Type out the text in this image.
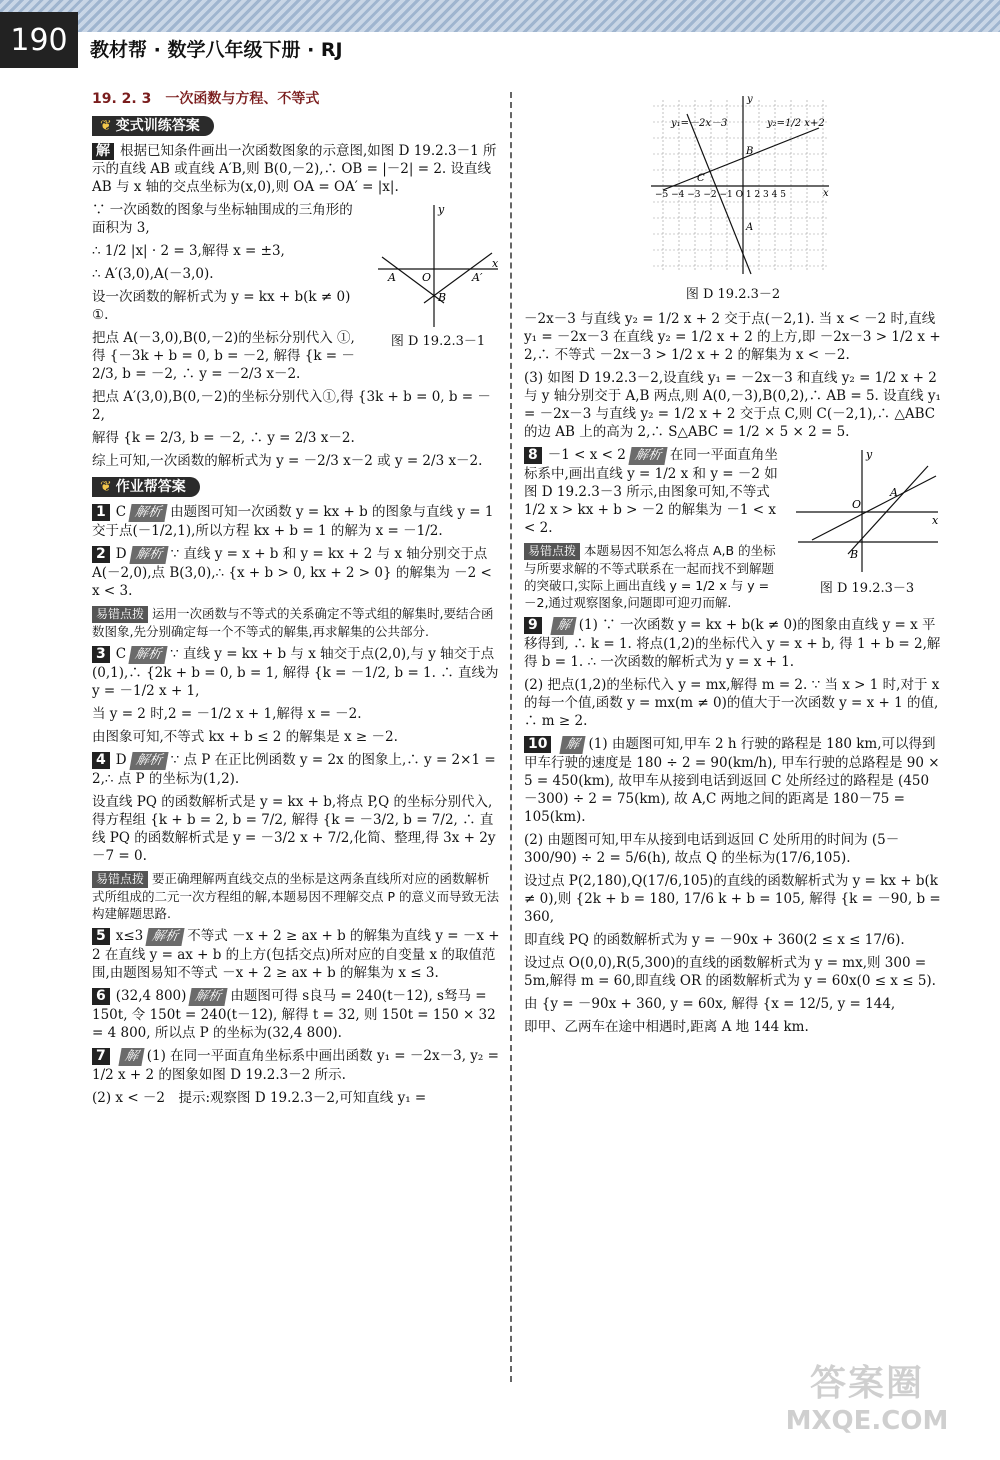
190	教材帮 · 数学八年级下册 · RJ
19. 2. 3　一次函数与方程、不等式
❦ 变式训练答案

解 根据已知条件画出一次函数图象的示意图,如图 D 19.2.3－1 所示的直线 AB 或直线 A′B,则 B(0,－2),∴ OB = |－2| = 2. 设直线 AB 与 x 轴的交点坐标为(x,0),则 OA = OA′ = |x|.

A O	A′
B
y
x
图 D 19.2.3－1

∵ 一次函数的图象与坐标轴围成的三角形的面积为 3,

∴ 1/2 |x| · 2 = 3,解得 x = ±3,

∴ A′(3,0),A(－3,0).

设一次函数的解析式为 y = kx + b(k ≠ 0) ①.

把点 A(－3,0),B(0,－2)的坐标分别代入 ①,得 {－3k + b = 0, b = －2, 解得 {k = －2/3, b = －2, ∴ y = －2/3 x－2.

把点 A′(3,0),B(0,－2)的坐标分别代入①,得 {3k + b = 0, b = －2,

解得 {k = 2/3, b = －2, ∴ y = 2/3 x－2.

综上可知,一次函数的解析式为 y = －2/3 x－2 或 y = 2/3 x－2.

❦ 作业帮答案

1 C 解析 由题图可知一次函数 y = kx + b 的图象与直线 y = 1 交于点(－1/2,1),所以方程 kx + b = 1 的解为 x = －1/2.

2 D 解析 ∵ 直线 y = x + b 和 y = kx + 2 与 x 轴分别交于点 A(－2,0),点 B(3,0),∴ {x + b > 0, kx + 2 > 0} 的解集为 －2 < x < 3.

易错点拨 运用一次函数与不等式的关系确定不等式组的解集时,要结合函数图象,先分别确定每一个不等式的解集,再求解集的公共部分.

3 C 解析 ∵ 直线 y = kx + b 与 x 轴交于点(2,0),与 y 轴交于点(0,1),∴ {2k + b = 0, b = 1, 解得 {k = －1/2, b = 1. ∴ 直线为 y = －1/2 x + 1,

当 y = 2 时,2 = －1/2 x + 1,解得 x = －2.

由图象可知,不等式 kx + b ≤ 2 的解集是 x ≥ －2.

4 D 解析 ∵ 点 P 在正比例函数 y = 2x 的图象上,∴ y = 2×1 = 2,∴ 点 P 的坐标为(1,2).

设直线 PQ 的函数解析式是 y = kx + b,将点 P,Q 的坐标分别代入,得方程组 {k + b = 2, b = 7/2, 解得 {k = －3/2, b = 7/2, ∴ 直线 PQ 的函数解析式是 y = －3/2 x + 7/2,化简、整理,得 3x + 2y－7 = 0.

易错点拨 要正确理解两直线交点的坐标是这两条直线所对应的函数解析式所组成的二元一次方程组的解,本题易因不理解交点 P 的意义而导致无法构建解题思路.

5 x≤3 解析 不等式 －x + 2 ≥ ax + b 的解集为直线 y = －x + 2 在直线 y = ax + b 的上方(包括交点)所对应的自变量 x 的取值范围,由题图易知不等式 －x + 2 ≥ ax + b 的解集为 x ≤ 3.

6 (32,4 800) 解析 由题图可得 s良马 = 240(t－12), s驽马 = 150t, 令 150t = 240(t－12), 解得 t = 32, 则 150t = 150 × 32 = 4 800, 所以点 P 的坐标为(32,4 800).

7 解 (1) 在同一平面直角坐标系中画出函数 y₁ = －2x－3, y₂ = 1/2 x + 2 的图象如图 D 19.2.3－2 所示.

(2) x < －2　提示:观察图 D 19.2.3－2,可知直线 y₁ =

y₁=－2x－3	y₂=1/2 x+2
B
C
A
y
x
−5 −4 −3 −2 −1 O 1 2 3 4 5
图 D 19.2.3－2

－2x－3 与直线 y₂ = 1/2 x + 2 交于点(－2,1). 当 x < －2 时,直线 y₁ = －2x－3 在直线 y₂ = 1/2 x + 2 的上方,即 －2x－3 > 1/2 x + 2,∴ 不等式 －2x－3 > 1/2 x + 2 的解集为 x < －2.

(3) 如图 D 19.2.3－2,设直线 y₁ = －2x－3 和直线 y₂ = 1/2 x + 2 与 y 轴分别交于 A,B 两点,则 A(0,－3),B(0,2),∴ AB = 5. 设直线 y₁ = －2x－3 与直线 y₂ = 1/2 x + 2 交于点 C,则 C(－2,1),∴ △ABC 的边 AB 上的高为 2,∴ S△ABC = 1/2 × 5 × 2 = 5.

A
O
B
y
x
图 D 19.2.3－3

8 －1 < x < 2 解析 在同一平面直角坐标系中,画出直线 y = 1/2 x 和 y = －2 如图 D 19.2.3－3 所示,由图象可知,不等式 1/2 x > kx + b > －2 的解集为 －1 < x < 2.

易错点拨 本题易因不知怎么将点 A,B 的坐标与所要求解的不等式联系在一起而找不到解题的突破口,实际上画出直线 y = 1/2 x 与 y = －2,通过观察图象,问题即可迎刃而解.

9 解 (1) ∵ 一次函数 y = kx + b(k ≠ 0)的图象由直线 y = x 平移得到, ∴ k = 1. 将点(1,2)的坐标代入 y = x + b, 得 1 + b = 2,解得 b = 1. ∴ 一次函数的解析式为 y = x + 1.

(2) 把点(1,2)的坐标代入 y = mx,解得 m = 2. ∵ 当 x > 1 时,对于 x 的每一个值,函数 y = mx(m ≠ 0)的值大于一次函数 y = x + 1 的值, ∴ m ≥ 2.

10 解 (1) 由题图可知,甲车 2 h 行驶的路程是 180 km,可以得到甲车行驶的速度是 180 ÷ 2 = 90(km/h), 甲车行驶的总路程是 90 × 5 = 450(km), 故甲车从接到电话到返回 C 处所经过的路程是 (450－300) ÷ 2 = 75(km), 故 A,C 两地之间的距离是 180－75 = 105(km).

(2) 由题图可知,甲车从接到电话到返回 C 处所用的时间为 (5－300/90) ÷ 2 = 5/6(h), 故点 Q 的坐标为(17/6,105).

设过点 P(2,180),Q(17/6,105)的直线的函数解析式为 y = kx + b(k ≠ 0),则 {2k + b = 180, 17/6 k + b = 105, 解得 {k = －90, b = 360,

即直线 PQ 的函数解析式为 y = －90x + 360(2 ≤ x ≤ 17/6).

设过点 O(0,0),R(5,300)的直线的函数解析式为 y = mx,则 300 = 5m,解得 m = 60,即直线 OR 的函数解析式为 y = 60x(0 ≤ x ≤ 5).

由 {y = －90x + 360, y = 60x, 解得 {x = 12/5, y = 144,

即甲、乙两车在途中相遇时,距离 A 地 144 km.

答案圈
MXQE.COM
